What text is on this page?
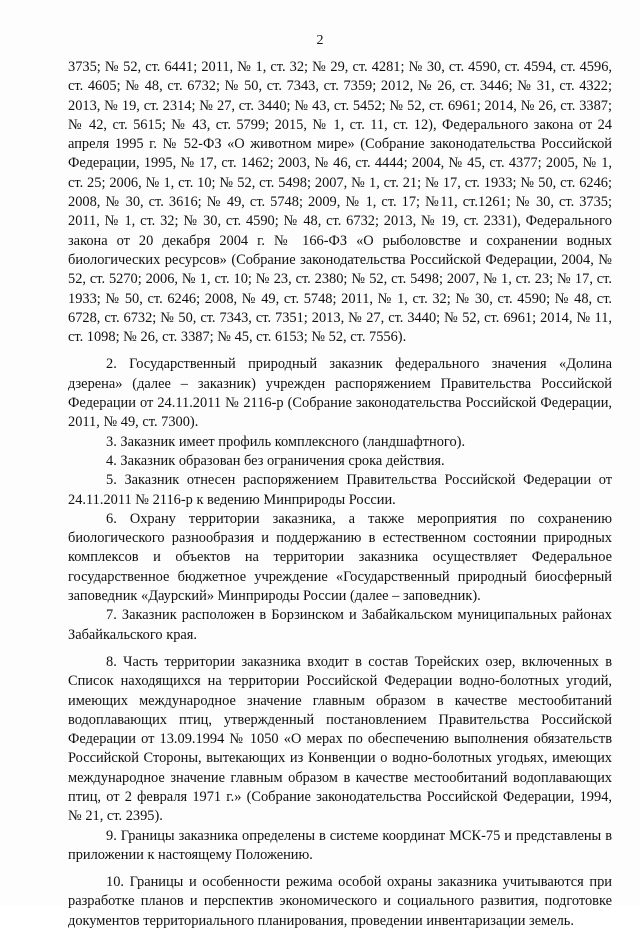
2

3735; № 52, ст. 6441; 2011, № 1, ст. 32; № 29, ст. 4281; № 30, ст. 4590, ст. 4594, ст. 4596, ст. 4605; № 48, ст. 6732; № 50, ст. 7343, ст. 7359; 2012, № 26, ст. 3446; № 31, ст. 4322; 2013, № 19, ст. 2314; № 27, ст. 3440; № 43, ст. 5452; № 52, ст. 6961; 2014, № 26, ст. 3387; № 42, ст. 5615; № 43, ст. 5799; 2015, № 1, ст. 11, ст. 12), Федерального закона от 24 апреля 1995 г. № 52-ФЗ «О животном мире» (Собрание законодательства Российской Федерации, 1995, № 17, ст. 1462; 2003, № 46, ст. 4444; 2004, № 45, ст. 4377; 2005, № 1, ст. 25; 2006, № 1, ст. 10; № 52, ст. 5498; 2007, № 1, ст. 21; № 17, ст. 1933; № 50, ст. 6246; 2008, № 30, ст. 3616; № 49, ст. 5748; 2009, № 1, ст. 17; №11, ст.1261; № 30, ст. 3735; 2011, № 1, ст. 32; № 30, ст. 4590; № 48, ст. 6732; 2013, № 19, ст. 2331), Федерального закона от 20 декабря 2004 г. № 166-ФЗ «О рыболовстве и сохранении водных биологических ресурсов» (Собрание законодательства Российской Федерации, 2004, № 52, ст. 5270; 2006, № 1, ст. 10; № 23, ст. 2380; № 52, ст. 5498; 2007, № 1, ст. 23; № 17, ст. 1933; № 50, ст. 6246; 2008, № 49, ст. 5748; 2011, № 1, ст. 32; № 30, ст. 4590; № 48, ст. 6728, ст. 6732; № 50, ст. 7343, ст. 7351; 2013, № 27, ст. 3440; № 52, ст. 6961; 2014, № 11, ст. 1098; № 26, ст. 3387; № 45, ст. 6153; № 52, ст. 7556).

2. Государственный природный заказник федерального значения «Долина дзерена» (далее – заказник) учрежден распоряжением Правительства Российской Федерации от 24.11.2011 № 2116-р (Собрание законодательства Российской Федерации, 2011, № 49, ст. 7300).

3. Заказник имеет профиль комплексного (ландшафтного).

4. Заказник образован без ограничения срока действия.

5. Заказник отнесен распоряжением Правительства Российской Федерации от 24.11.2011 № 2116-р к ведению Минприроды России.

6. Охрану территории заказника, а также мероприятия по сохранению биологического разнообразия и поддержанию в естественном состоянии природных комплексов и объектов на территории заказника осуществляет Федеральное государственное бюджетное учреждение «Государственный природный биосферный заповедник «Даурский» Минприроды России (далее – заповедник).

7. Заказник расположен в Борзинском и Забайкальском муниципальных районах Забайкальского края.

8. Часть территории заказника входит в состав Торейских озер, включенных в Список находящихся на территории Российской Федерации водно-болотных угодий, имеющих международное значение главным образом в качестве местообитаний водоплавающих птиц, утвержденный постановлением Правительства Российской Федерации от 13.09.1994 № 1050 «О мерах по обеспечению выполнения обязательств Российской Стороны, вытекающих из Конвенции о водно-болотных угодьях, имеющих международное значение главным образом в качестве местообитаний водоплавающих птиц, от 2 февраля 1971 г.» (Собрание законодательства Российской Федерации, 1994, № 21, ст. 2395).

9. Границы заказника определены в системе координат МСК-75 и представлены в приложении к настоящему Положению.

10. Границы и особенности режима особой охраны заказника учитываются при разработке планов и перспектив экономического и социального развития, подготовке документов территориального планирования, проведении инвентаризации земель.
